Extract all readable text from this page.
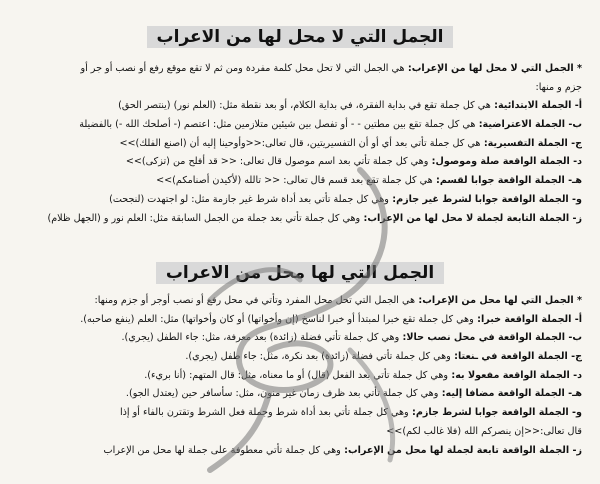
الجمل التي لا محل لها من الاعراب
* الجمل التي لا محل لها من الإعراب: هي الجمل التي لا تحل محل كلمة مفردة ومن ثم لا تقع موقع رفع أو نصب أو جر أو
جزم و منها:
أ- الجملة الابتدائية: هي كل جملة تقع في بداية الفقرة، في بداية الكلام، أو بعد نقطة مثل: (العلم نور) (ينتصر الحق)
ب- الجملة الاعتراضية: هي كل جملة تقع بين مطتين - - أو تفصل بين شيئين متلازمين مثل: اعتصم (- أصلحك الله -) بالفضيلة
ج- الجملة التفسيرية: هي كل جملة تأتي بعد أي أو أن التفسيريتين، قال تعالى:<<وأوحينا إليه أن (اصنع الفلك)>>
د- الجملة الواقعة صلة وموصول: وهي كل جملة تأتي بعد اسم موصول قال تعالى: << قد أفلح من (تزكى)>>
هـ- الجملة الواقعة جوابا لقسم: هي كل جملة تقع بعد قسم قال تعالى: << تالله (لأكيدن أصنامكم)>>
و- الجملة الواقعة جوابا لشرط غير جازم: وهي كل جملة تأتي بعد أداة شرط غير جازمة مثل: لو اجتهدت (لنجحت)
ز- الجملة التابعة لجملة لا محل لها من الإعراب: وهي كل جملة تأتي بعد جملة من الجمل السابقة مثل: العلم نور و (الجهل ظلام)
الجمل التي لها محل من الاعراب
* الجمل التي لها محل من الإعراب: هي الجمل التي تحل محل المفرد وتأتي في محل رفع أو نصب أوجر أو جزم ومنها:
أ- الجملة الواقعة خبرا: وهي كل جملة تقع خبرا لمبتدأ أو خبرا لناسخ (إن وأخواتها) أو كان وأخواتها) مثل: العلم (ينفع صاحبه).
ب- الجملة الواقعة في محل نصب حالا: وهي كل جملة تأتي فضلة (زائدة) بعد معرفة، مثل: جاء الطفل (يجري).
ج- الجملة الواقعة في ـنعتا: وهي كل جملة تأتي فضلة (زائدة) بعد نكرة، مثل: جاء طفل (يجري).
د- الجملة الواقعة مفعولا به: وهي كل جملة تأتي بعد الفعل (قال) أو ما معناه، مثل: قال المتهم: (أنا بريء).
هـ- الجملة الواقعة مضافا إليه: وهي كل جملة تأتي بعد ظرف زمان غير منون، مثل: سأسافر حين (يعتدل الجو).
و- الجملة الواقعة جوابا لشرط جازم: وهي كل جملة تأتي بعد أداة شرط وجملة فعل الشرط وتقترن بالفاء أو إذا
قال تعالى:<<إن ينصركم الله (فلا غالب لكم)>>
ز- الجملة الواقعة تابعة لجملة لها محل من الإعراب: وهي كل جملة تأتي معطوفة على جملة لها محل من الإعراب
